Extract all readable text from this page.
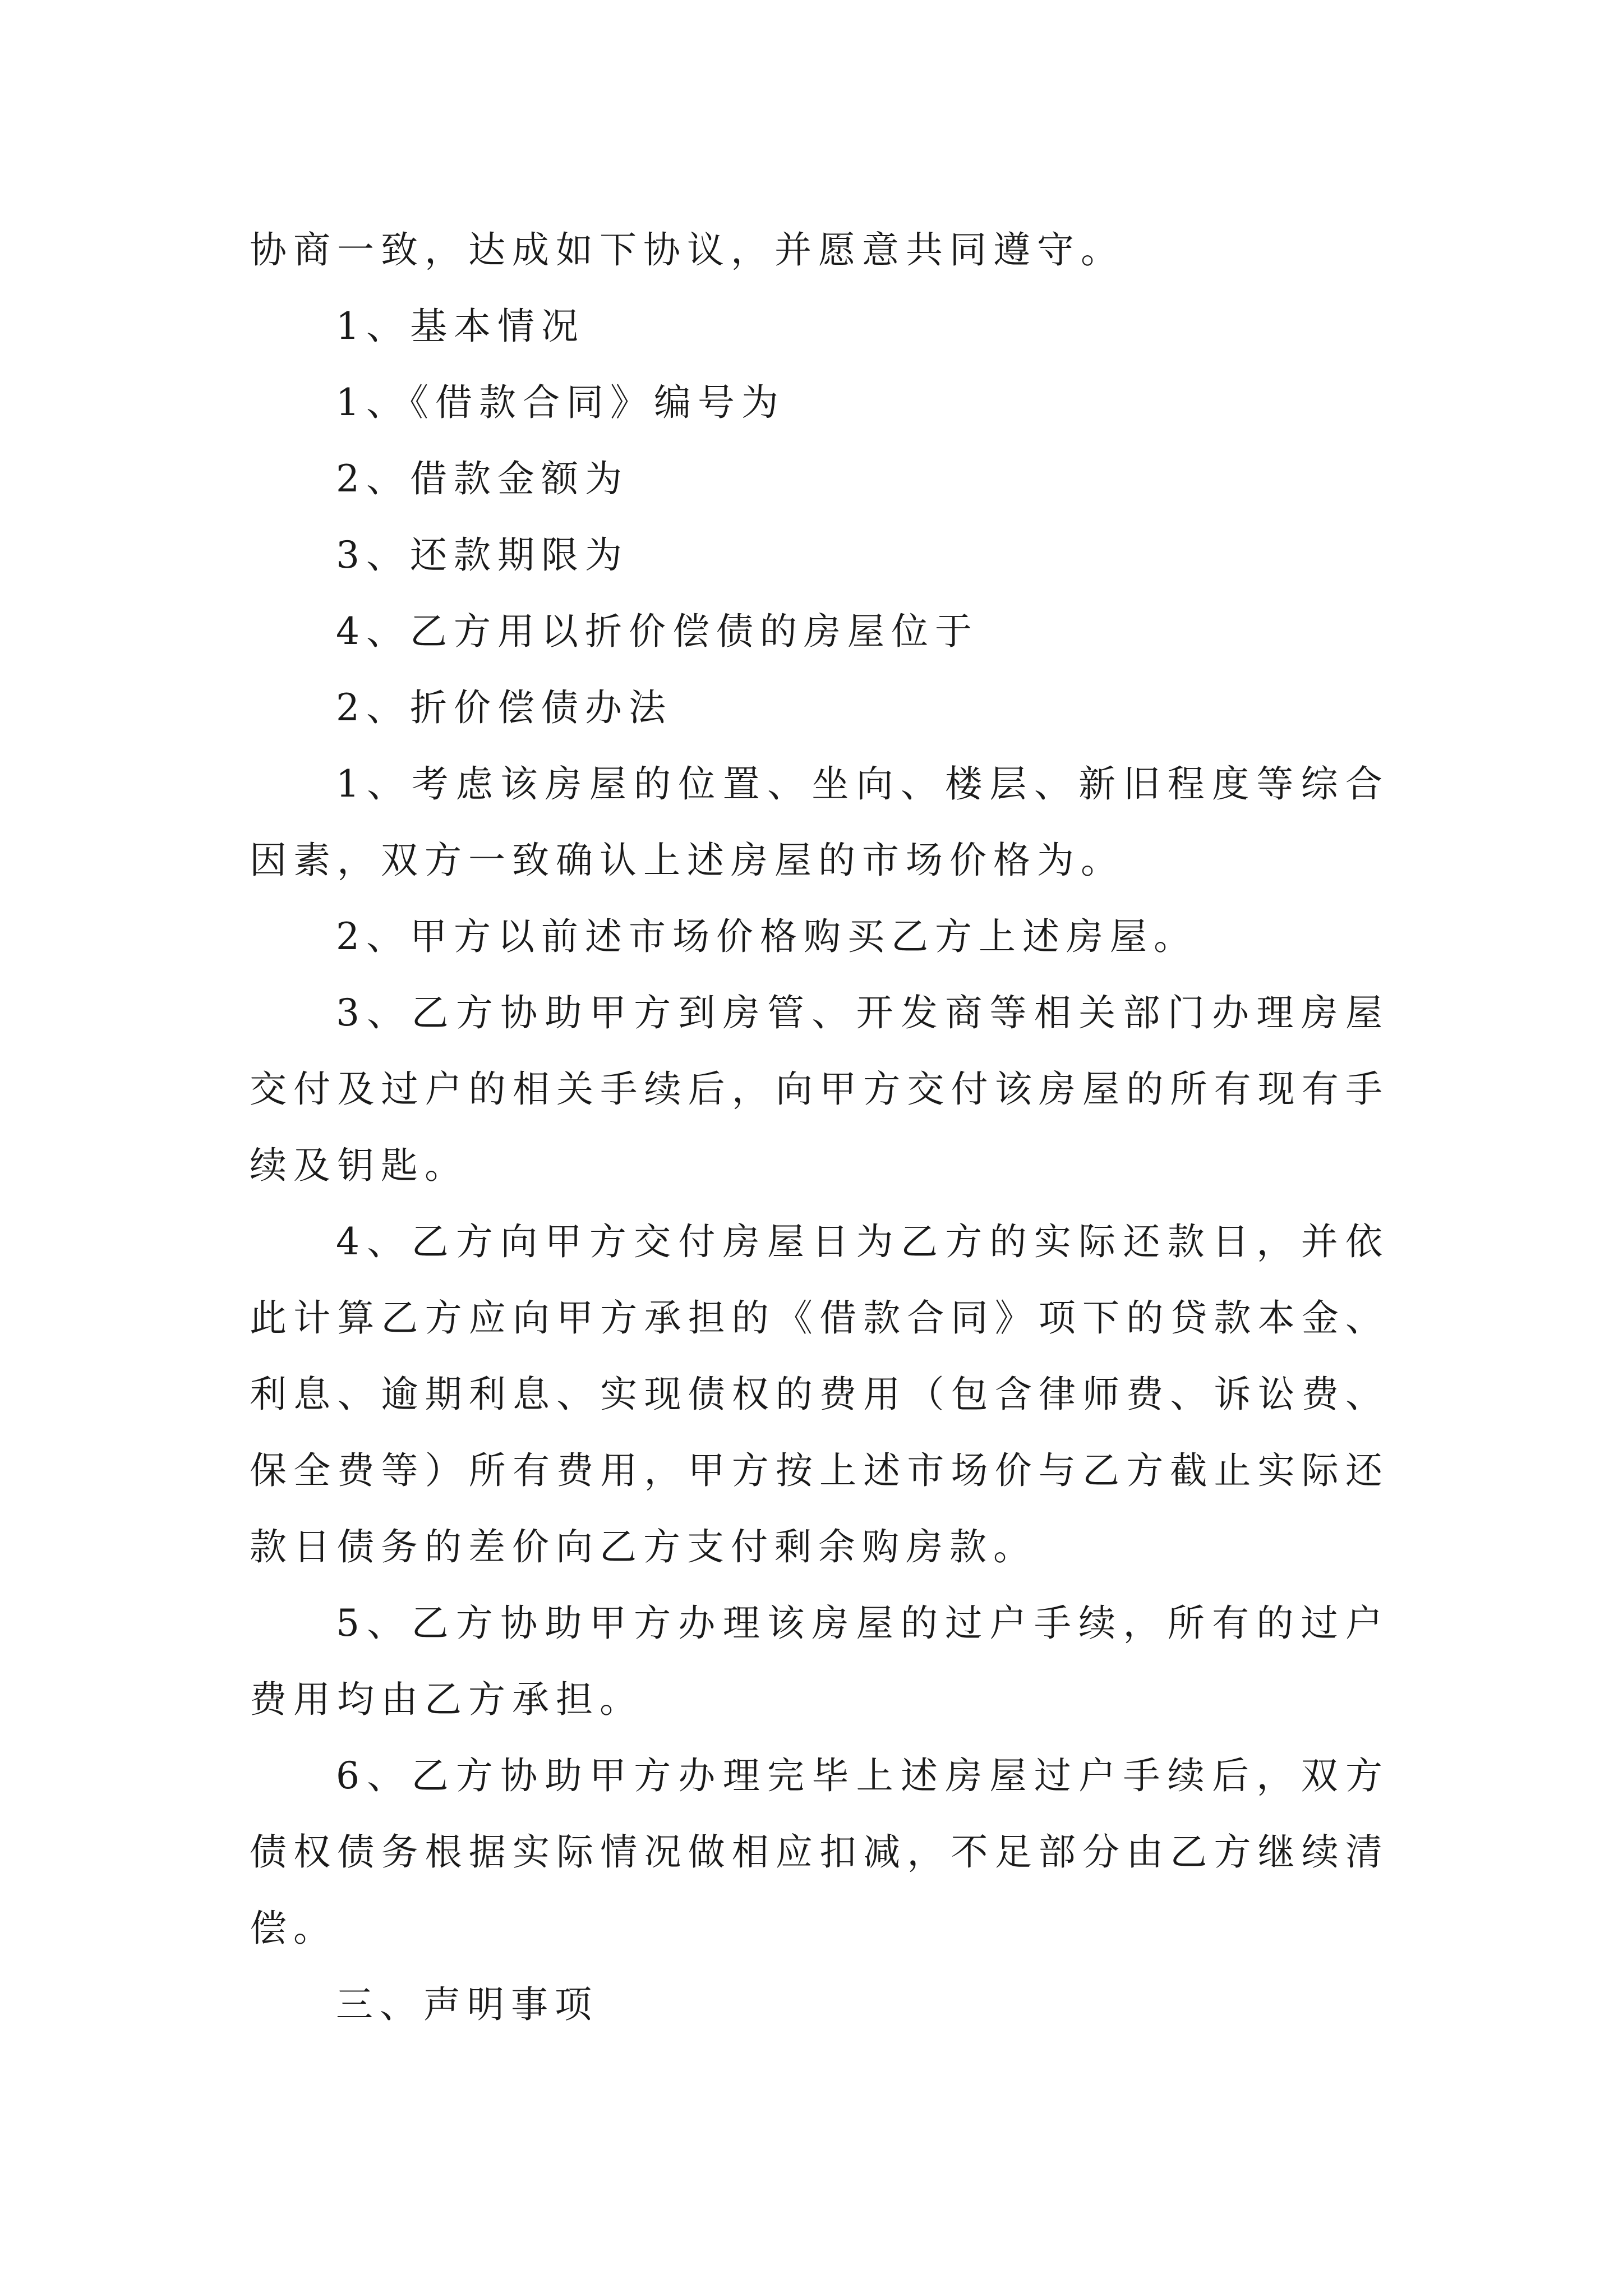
协商一致，达成如下协议，并愿意共同遵守。

1、基本情况

1、《借款合同》编号为

2、借款金额为

3、还款期限为

4、乙方用以折价偿债的房屋位于

2、折价偿债办法

1、考虑该房屋的位置、坐向、楼层、新旧程度等综合因素，双方一致确认上述房屋的市场价格为。

2、甲方以前述市场价格购买乙方上述房屋。

3、乙方协助甲方到房管、开发商等相关部门办理房屋交付及过户的相关手续后，向甲方交付该房屋的所有现有手续及钥匙。

4、乙方向甲方交付房屋日为乙方的实际还款日，并依此计算乙方应向甲方承担的《借款合同》项下的贷款本金、利息、逾期利息、实现债权的费用（包含律师费、诉讼费、保全费等）所有费用，甲方按上述市场价与乙方截止实际还款日债务的差价向乙方支付剩余购房款。

5、乙方协助甲方办理该房屋的过户手续，所有的过户费用均由乙方承担。

6、乙方协助甲方办理完毕上述房屋过户手续后，双方债权债务根据实际情况做相应扣减，不足部分由乙方继续清偿。

三、声明事项
